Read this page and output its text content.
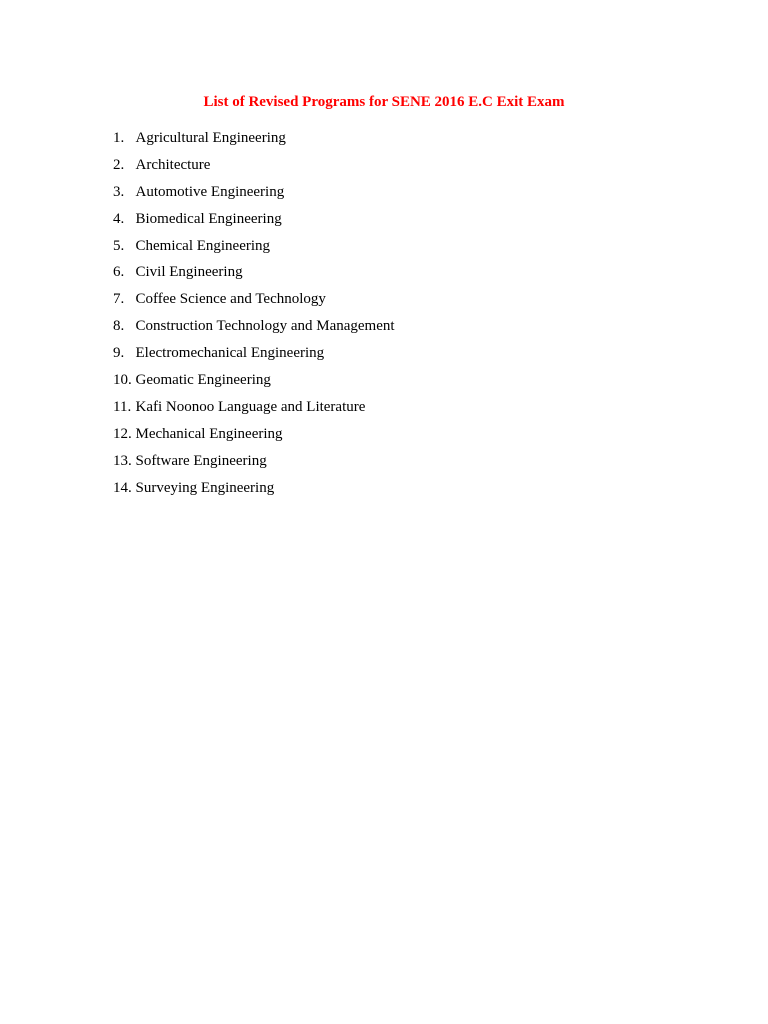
List of Revised Programs for SENE 2016 E.C Exit Exam
1. Agricultural Engineering
2. Architecture
3. Automotive Engineering
4. Biomedical Engineering
5. Chemical Engineering
6. Civil Engineering
7. Coffee Science and Technology
8. Construction Technology and Management
9. Electromechanical Engineering
10. Geomatic Engineering
11. Kafi Noonoo Language and Literature
12. Mechanical Engineering
13. Software Engineering
14. Surveying Engineering
